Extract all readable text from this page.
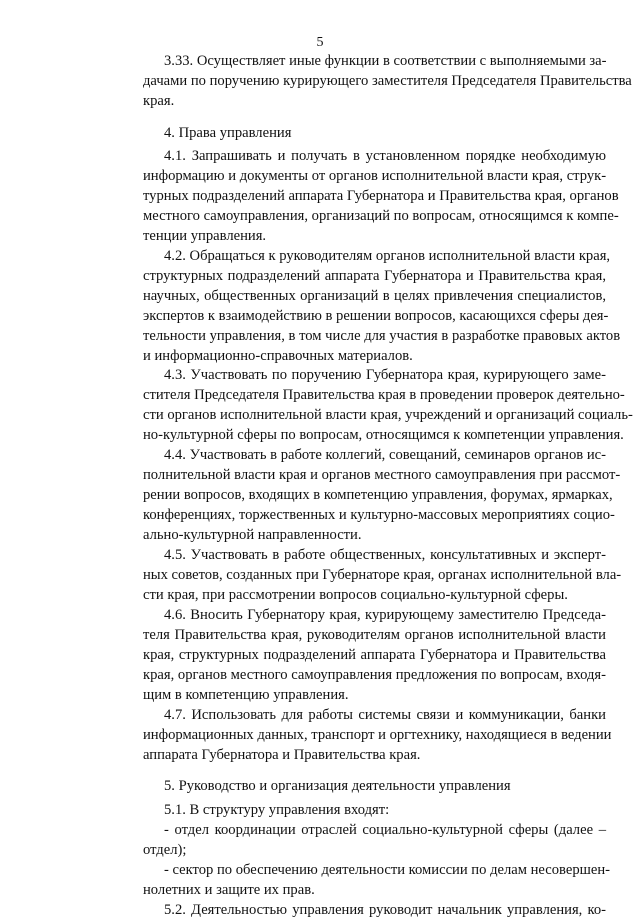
5
3.33. Осуществляет иные функции в соответствии с выполняемыми за-
дачами по поручению курирующего заместителя Председателя Правительства
края.
4. Права управления
4.1. Запрашивать и получать в установленном порядке необходимую
информацию и документы от органов исполнительной власти края, струк-
турных подразделений аппарата Губернатора и Правительства края, органов
местного самоуправления, организаций по вопросам, относящимся к компе-
тенции управления.
4.2. Обращаться к руководителям органов исполнительной власти края,
структурных подразделений аппарата Губернатора и Правительства края,
научных, общественных организаций в целях привлечения специалистов,
экспертов к взаимодействию в решении вопросов, касающихся сферы дея-
тельности управления, в том числе для участия в разработке правовых актов
и информационно-справочных материалов.
4.3. Участвовать по поручению Губернатора края, курирующего заме-
стителя Председателя Правительства края в проведении проверок деятельно-
сти органов исполнительной власти края, учреждений и организаций социаль-
но-культурной сферы по вопросам, относящимся к компетенции управления.
4.4. Участвовать в работе коллегий, совещаний, семинаров органов ис-
полнительной власти края и органов местного самоуправления при рассмот-
рении вопросов, входящих в компетенцию управления, форумах, ярмарках,
конференциях, торжественных и культурно-массовых мероприятиях социо-
ально-культурной направленности.
4.5. Участвовать в работе общественных, консультативных и эксперт-
ных советов, созданных при Губернаторе края, органах исполнительной вла-
сти края, при рассмотрении вопросов социально-культурной сферы.
4.6. Вносить Губернатору края, курирующему заместителю Председа-
теля Правительства края, руководителям органов исполнительной власти
края, структурных подразделений аппарата Губернатора и Правительства
края, органов местного самоуправления предложения по вопросам, входя-
щим в компетенцию управления.
4.7. Использовать для работы системы связи и коммуникации, банки
информационных данных, транспорт и оргтехнику, находящиеся в ведении
аппарата Губернатора и Правительства края.
5. Руководство и организация деятельности управления
5.1. В структуру управления входят:
- отдел координации отраслей социально-культурной сферы (далее –
отдел);
- сектор по обеспечению деятельности комиссии по делам несовершен-
нолетних и защите их прав.
5.2. Деятельностью управления руководит начальник управления, ко-
